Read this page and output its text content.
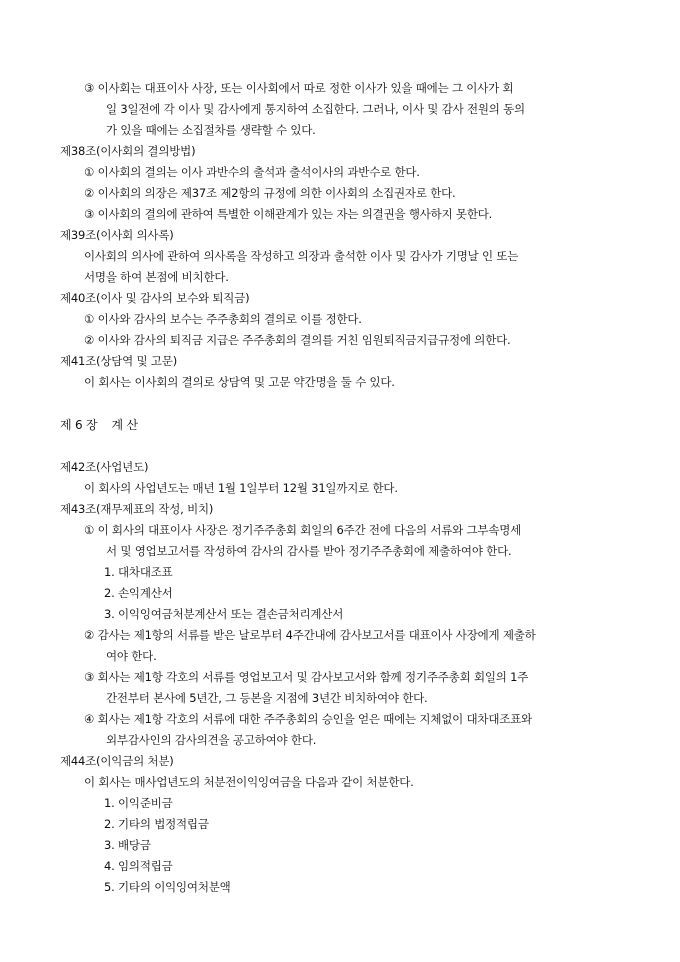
③ 이사회는 대표이사 사장, 또는 이사회에서 따로 정한 이사가 있을 때에는 그 이사가 회
일 3일전에 각 이사 및 감사에게 통지하여 소집한다. 그러나, 이사 및 감사 전원의 동의
가 있을 때에는 소집절차를 생략할 수 있다.
제38조(이사회의 결의방법)
① 이사회의 결의는 이사 과반수의 출석과 출석이사의 과반수로 한다.
② 이사회의 의장은 제37조 제2항의 규정에 의한 이사회의 소집권자로 한다.
③ 이사회의 결의에 관하여 특별한 이해관계가 있는 자는 의결권을 행사하지 못한다.
제39조(이사회 의사록)
이사회의 의사에 관하여 의사록을 작성하고 의장과 출석한 이사 및 감사가 기명날 인 또는
서명을 하여 본점에 비치한다.
제40조(이사 및 감사의 보수와 퇴직금)
① 이사와 감사의 보수는 주주총회의 결의로 이를 정한다.
② 이사와 감사의 퇴직금 지급은 주주총회의 결의를 거친 임원퇴직금지급규정에 의한다.
제41조(상담역 및 고문)
이 회사는 이사회의 결의로 상담역 및 고문 약간명을 둘 수 있다.
제 6 장 계 산
제42조(사업년도)
이 회사의 사업년도는 매년 1월 1일부터 12월 31일까지로 한다.
제43조(재무제표의 작성, 비치)
① 이 회사의 대표이사 사장은 정기주주총회 회일의 6주간 전에 다음의 서류와 그부속명세
서 및 영업보고서를 작성하여 감사의 감사를 받아 정기주주총회에 제출하여야 한다.
1. 대차대조표
2. 손익계산서
3. 이익잉여금처분계산서 또는 결손금처리계산서
② 감사는 제1항의 서류를 받은 날로부터 4주간내에 감사보고서를 대표이사 사장에게 제출하
여야 한다.
③ 회사는 제1항 각호의 서류를 영업보고서 및 감사보고서와 함께 정기주주총회 회일의 1주
간전부터 본사에 5년간, 그 등본을 지점에 3년간 비치하여야 한다.
④ 회사는 제1항 각호의 서류에 대한 주주총회의 승인을 얻은 때에는 지체없이 대차대조표와
외부감사인의 감사의견을 공고하여야 한다.
제44조(이익금의 처분)
이 회사는 매사업년도의 처분전이익잉여금을 다음과 같이 처분한다.
1. 이익준비금
2. 기타의 법정적립금
3. 배당금
4. 임의적립금
5. 기타의 이익잉여처분액
